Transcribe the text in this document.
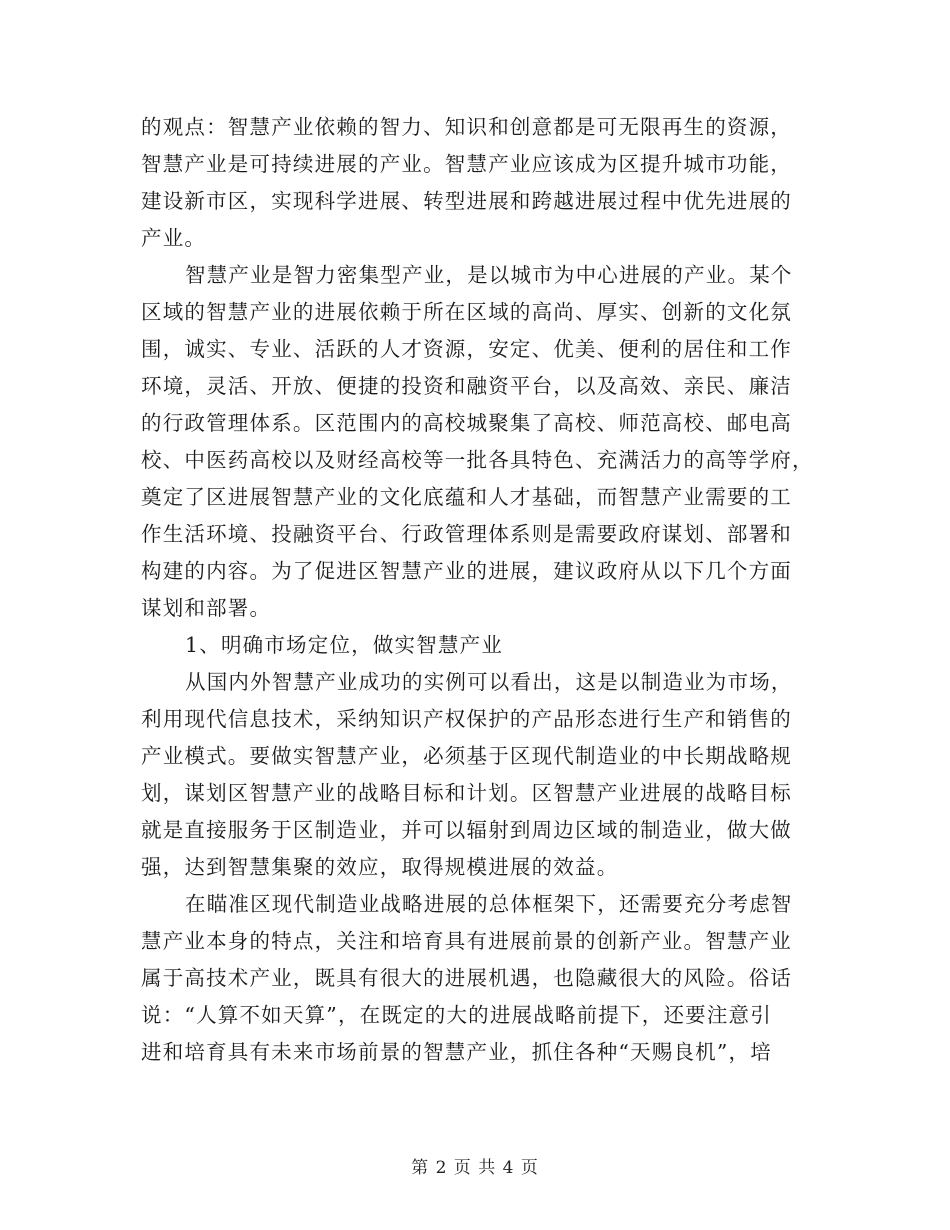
的观点：智慧产业依赖的智力、知识和创意都是可无限再生的资源，
智慧产业是可持续进展的产业。智慧产业应该成为区提升城市功能，
建设新市区，实现科学进展、转型进展和跨越进展过程中优先进展的
产业。

智慧产业是智力密集型产业，是以城市为中心进展的产业。某个
区域的智慧产业的进展依赖于所在区域的高尚、厚实、创新的文化氛
围，诚实、专业、活跃的人才资源，安定、优美、便利的居住和工作
环境，灵活、开放、便捷的投资和融资平台，以及高效、亲民、廉洁
的行政管理体系。区范围内的高校城聚集了高校、师范高校、邮电高
校、中医药高校以及财经高校等一批各具特色、充满活力的高等学府，
奠定了区进展智慧产业的文化底蕴和人才基础，而智慧产业需要的工
作生活环境、投融资平台、行政管理体系则是需要政府谋划、部署和
构建的内容。为了促进区智慧产业的进展，建议政府从以下几个方面
谋划和部署。

1、明确市场定位，做实智慧产业

从国内外智慧产业成功的实例可以看出，这是以制造业为市场，
利用现代信息技术，采纳知识产权保护的产品形态进行生产和销售的
产业模式。要做实智慧产业，必须基于区现代制造业的中长期战略规
划，谋划区智慧产业的战略目标和计划。区智慧产业进展的战略目标
就是直接服务于区制造业，并可以辐射到周边区域的制造业，做大做
强，达到智慧集聚的效应，取得规模进展的效益。

在瞄准区现代制造业战略进展的总体框架下，还需要充分考虑智
慧产业本身的特点，关注和培育具有进展前景的创新产业。智慧产业
属于高技术产业，既具有很大的进展机遇，也隐藏很大的风险。俗话
说：“人算不如天算”，在既定的大的进展战略前提下，还要注意引
进和培育具有未来市场前景的智慧产业，抓住各种“天赐良机”，培

第 2 页 共 4 页
